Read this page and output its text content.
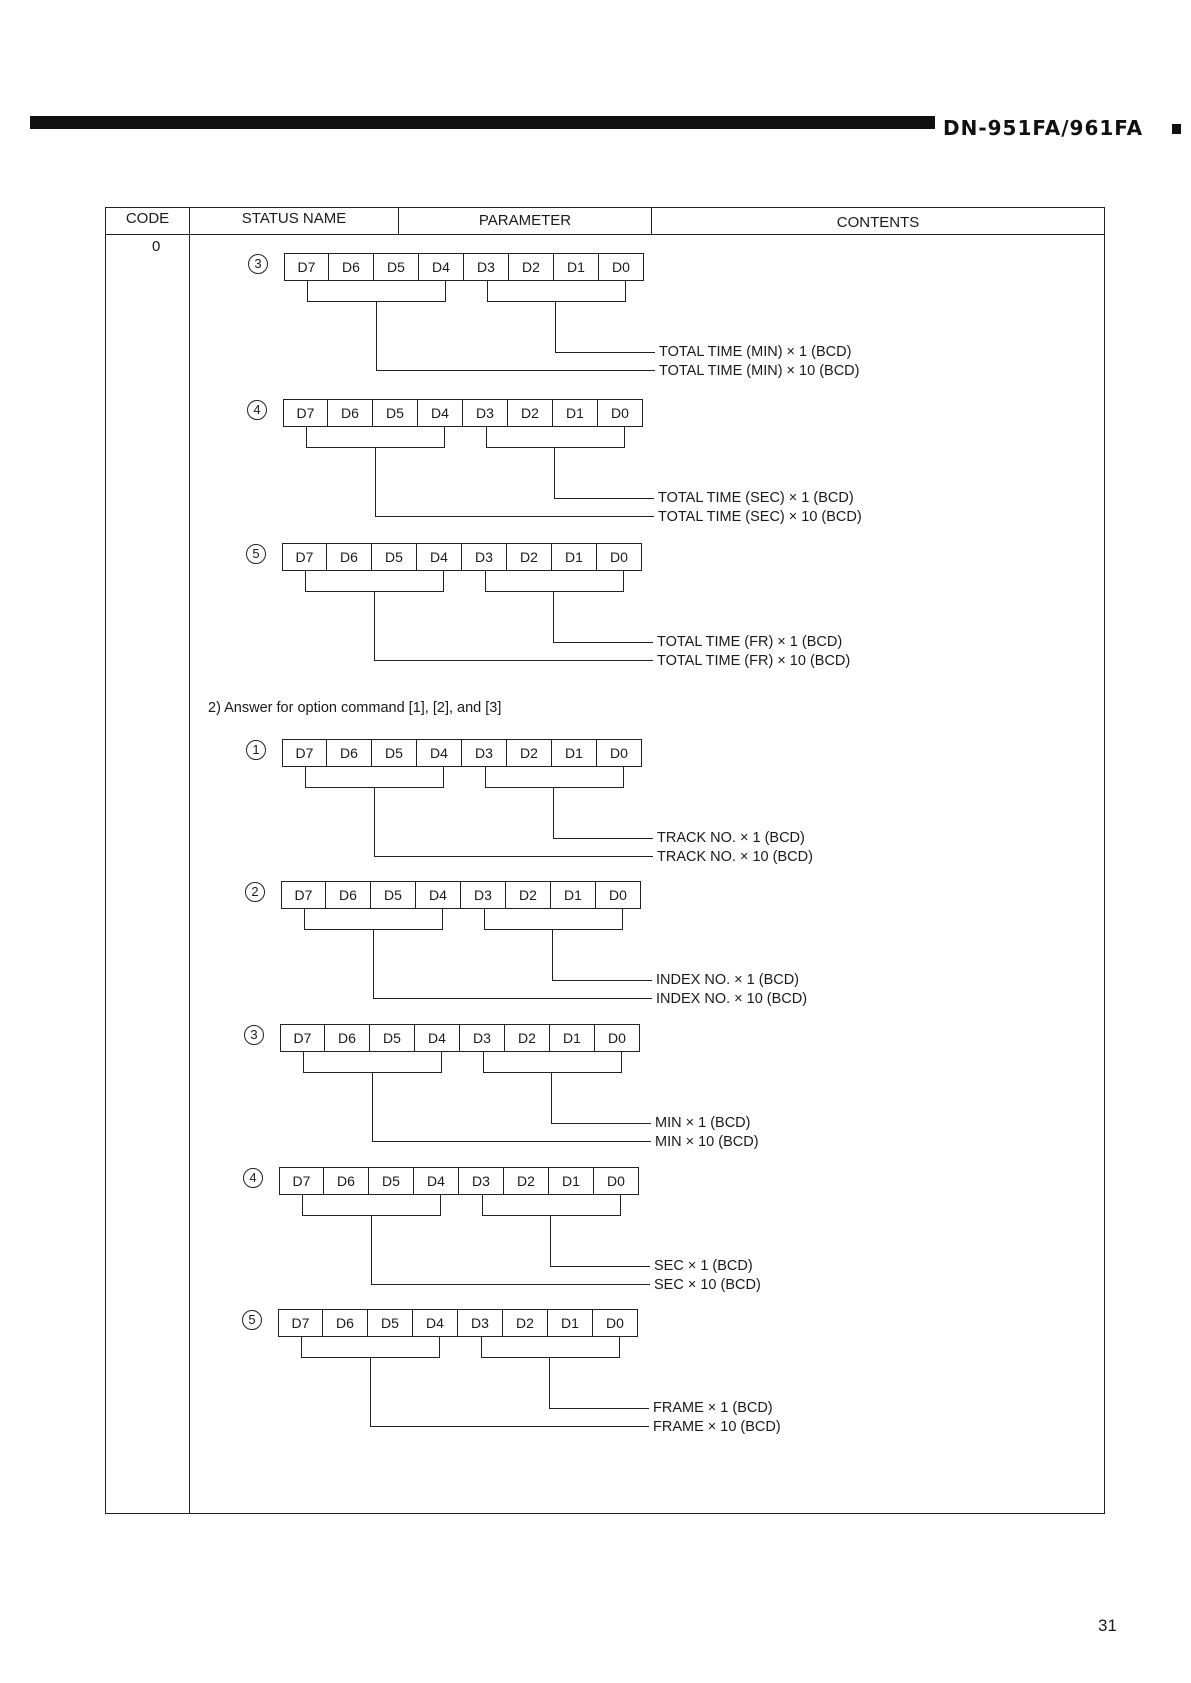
DN-951FA/961FA
CODE	STATUS NAME	PARAMETER	CONTENTS
0
3	D7	D6	D5	D4	D3	D2	D1	D0
TOTAL TIME (MIN) × 1 (BCD)
TOTAL TIME (MIN) × 10 (BCD)
4	D7	D6	D5	D4	D3	D2	D1	D0
TOTAL TIME (SEC) × 1 (BCD)
TOTAL TIME (SEC) × 10 (BCD)
5	D7	D6	D5	D4	D3	D2	D1	D0
TOTAL TIME (FR) × 1 (BCD)
TOTAL TIME (FR) × 10 (BCD)
2) Answer for option command [1], [2], and [3]
1	D7	D6	D5	D4	D3	D2	D1	D0
TRACK NO. × 1 (BCD)
TRACK NO. × 10 (BCD)
2	D7	D6	D5	D4	D3	D2	D1	D0
INDEX NO. × 1 (BCD)
INDEX NO. × 10 (BCD)
3	D7	D6	D5	D4	D3	D2	D1	D0
MIN × 1 (BCD)
MIN × 10 (BCD)
4	D7	D6	D5	D4	D3	D2	D1	D0
SEC × 1 (BCD)
SEC × 10 (BCD)
5	D7	D6	D5	D4	D3	D2	D1	D0
FRAME × 1 (BCD)
FRAME × 10 (BCD)
31
